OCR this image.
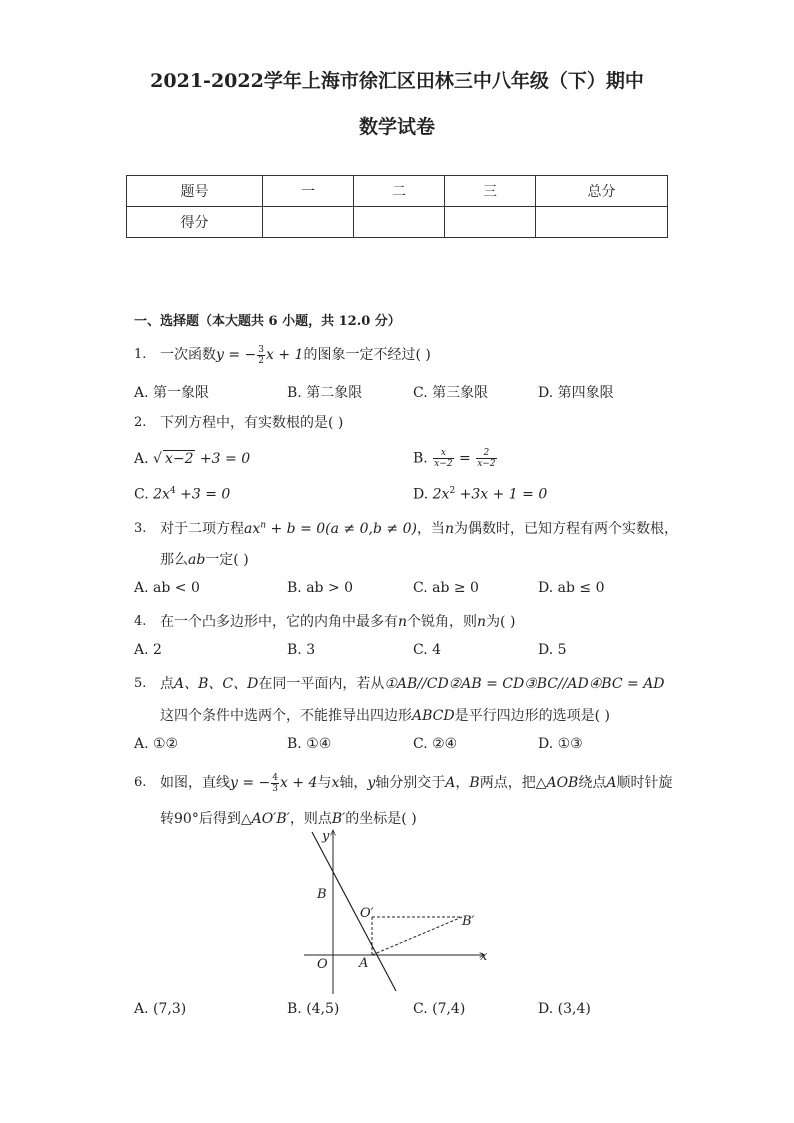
2021-2022学年上海市徐汇区田林三中八年级（下）期中
数学试卷
题号	一	二	三	总分
得分				
一、选择题（本大题共 6 小题，共 12.0 分）
1. 一次函数y = − $\frac{3}{2}$ x + 1的图象一定不经过( )
A. 第一象限	B. 第二象限	C. 第三象限	D. 第四象限
2. 下列方程中，有实数根的是( )
A. √ x−2 +3 = 0	B. $\frac{x}{x-2} = \frac{2}{x-2}$
C. $2x^4 +3 = 0$	D. $2x^2 +3x + 1 = 0$
3. 对于二项方程$ax^n + b = 0(a \ne 0,b \ne 0)$，当n为偶数时，已知方程有两个实数根，
那么ab一定( )
A. ab < 0	B. ab > 0	C. ab ≥ 0	D. ab ≤ 0
4. 在一个凸多边形中，它的内角中最多有n个锐角，则n为( )
A. 2	B. 3	C. 4	D. 5
5. 点A、B、C、D在同一平面内，若从①AB//CD②AB = CD③BC//AD④BC = AD
这四个条件中选两个，不能推导出四边形ABCD是平行四边形的选项是( )
A. ①②	B. ①④	C. ②④	D. ①③
6. 如图，直线y = − $\frac{4}{3}$ x + 4与x轴，y轴分别交于A，B两点，把△AOB绕点A顺时针旋
转90°后得到△AO′B′，则点B′的坐标是( )
y
x
B
O A
O′
B′
A. (7,3)	B. (4,5)	C. (7,4)	D. (3,4)
